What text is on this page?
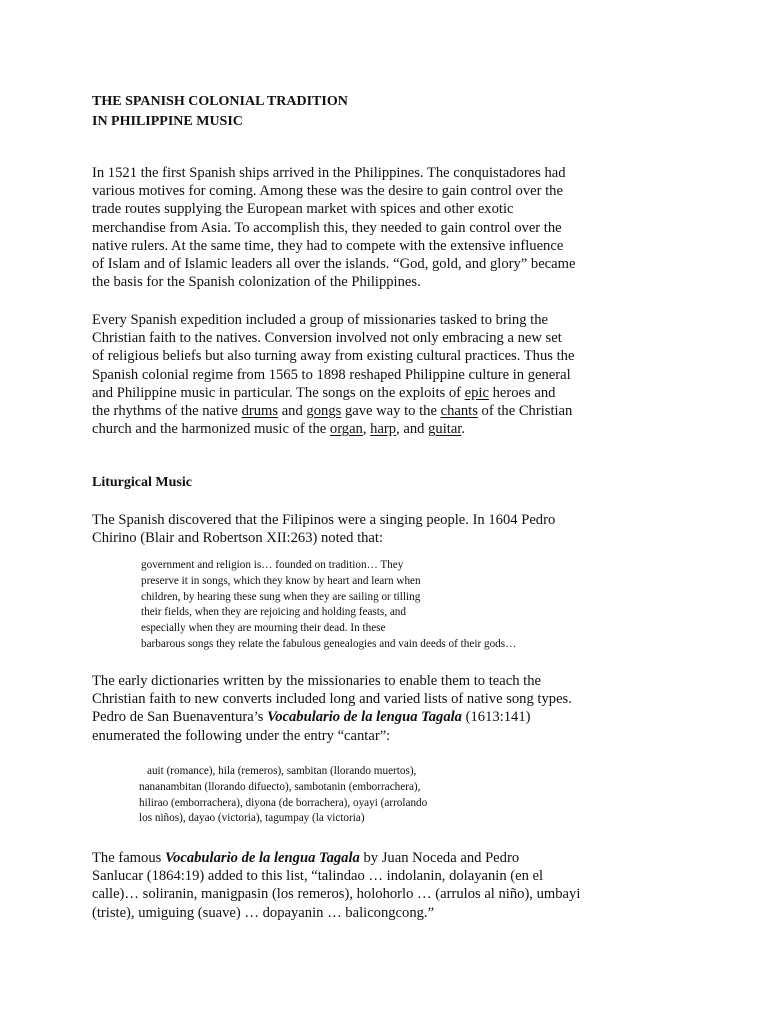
THE SPANISH COLONIAL TRADITION
IN PHILIPPINE MUSIC
In 1521 the first Spanish ships arrived in the Philippines. The conquistadores had
various motives for coming. Among these was the desire to gain control over the
trade routes supplying the European market with spices and other exotic
merchandise from Asia. To accomplish this, they needed to gain control over the
native rulers. At the same time, they had to compete with the extensive influence
of Islam and of Islamic leaders all over the islands. “God, gold, and glory” became
the basis for the Spanish colonization of the Philippines.
Every Spanish expedition included a group of missionaries tasked to bring the
Christian faith to the natives. Conversion involved not only embracing a new set
of religious beliefs but also turning away from existing cultural practices. Thus the
Spanish colonial regime from 1565 to 1898 reshaped Philippine culture in general
and Philippine music in particular. The songs on the exploits of epic heroes and
the rhythms of the native drums and gongs gave way to the chants of the Christian
church and the harmonized music of the organ, harp, and guitar.
Liturgical Music
The Spanish discovered that the Filipinos were a singing people. In 1604 Pedro
Chirino (Blair and Robertson XII:263) noted that:
government and religion is… founded on tradition… They
preserve it in songs, which they know by heart and learn when
children, by hearing these sung when they are sailing or tilling
their fields, when they are rejoicing and holding feasts, and
especially when they are mourning their dead. In these
barbarous songs they relate the fabulous genealogies and vain deeds of their gods…
The early dictionaries written by the missionaries to enable them to teach the
Christian faith to new converts included long and varied lists of native song types.
Pedro de San Buenaventura’s Vocabulario de la lengua Tagala (1613:141)
enumerated the following under the entry “cantar”:
auit (romance), hila (remeros), sambitan (llorando muertos),
nananambitan (llorando difuecto), sambotanin (emborrachera),
hilirao (emborrachera), diyona (de borrachera), oyayi (arrolando
los niños), dayao (victoria), tagumpay (la victoria)
The famous Vocabulario de la lengua Tagala by Juan Noceda and Pedro
Sanlucar (1864:19) added to this list, “talindao … indolanin, dolayanin (en el
calle)… soliranin, manigpasin (los remeros), holohorlo … (arrulos al niño), umbayi
(triste), umiguing (suave) … dopayanin … balicongcong.”
